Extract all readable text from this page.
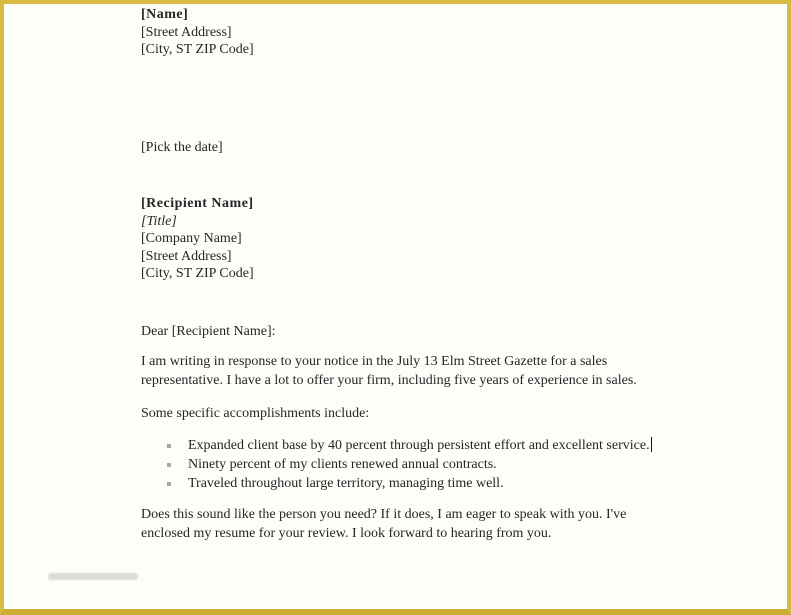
[Name]
[Street Address]
[City, ST ZIP Code]
[Pick the date]
[Recipient Name]
[Title]
[Company Name]
[Street Address]
[City, ST ZIP Code]
Dear [Recipient Name]:
I am writing in response to your notice in the July 13 Elm Street Gazette for a sales representative. I have a lot to offer your firm, including five years of experience in sales.
Some specific accomplishments include:
Expanded client base by 40 percent through persistent effort and excellent service.
Ninety percent of my clients renewed annual contracts.
Traveled throughout large territory, managing time well.
Does this sound like the person you need? If it does, I am eager to speak with you. I've enclosed my resume for your review. I look forward to hearing from you.
